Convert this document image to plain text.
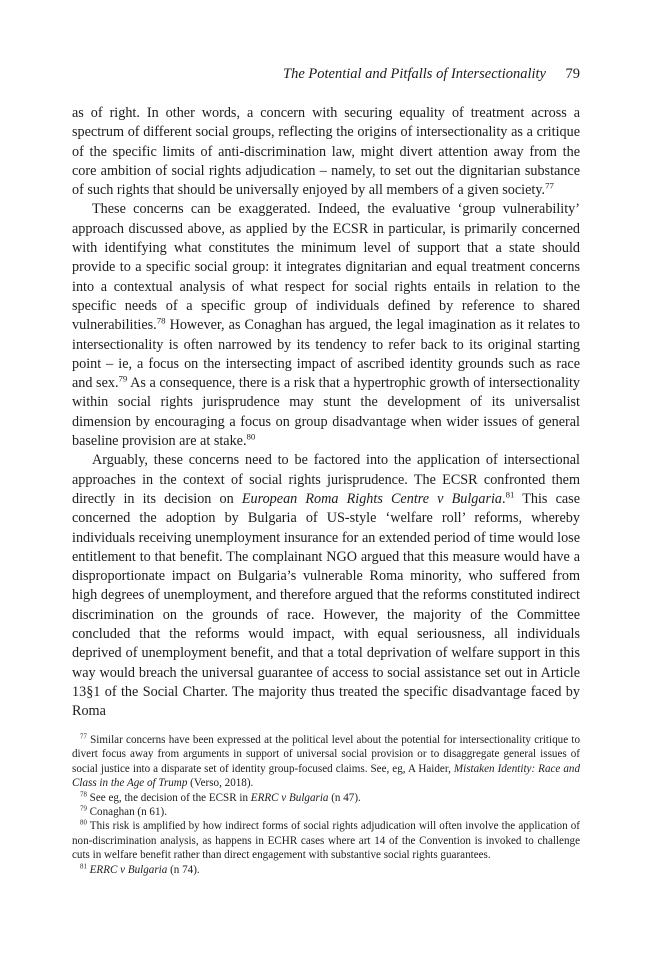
The Potential and Pitfalls of Intersectionality 79

as of right. In other words, a concern with securing equality of treatment across a spectrum of different social groups, reflecting the origins of intersectionality as a critique of the specific limits of anti-discrimination law, might divert attention away from the core ambition of social rights adjudication – namely, to set out the dignitarian substance of such rights that should be universally enjoyed by all members of a given society.$^{77}$

These concerns can be exaggerated. Indeed, the evaluative ‘group vulnerability’ approach discussed above, as applied by the ECSR in particular, is primarily concerned with identifying what constitutes the minimum level of support that a state should provide to a specific social group: it integrates dignitarian and equal treatment concerns into a contextual analysis of what respect for social rights entails in relation to the specific needs of a specific group of individuals defined by reference to shared vulnerabilities.$^{78}$ However, as Conaghan has argued, the legal imagination as it relates to intersectionality is often narrowed by its tendency to refer back to its original starting point – ie, a focus on the intersecting impact of ascribed identity grounds such as race and sex.$^{79}$ As a consequence, there is a risk that a hypertrophic growth of intersectionality within social rights jurisprudence may stunt the development of its universalist dimension by encouraging a focus on group disadvantage when wider issues of general baseline provision are at stake.$^{80}$

Arguably, these concerns need to be factored into the application of intersectional approaches in the context of social rights jurisprudence. The ECSR confronted them directly in its decision on European Roma Rights Centre v Bulgaria.$^{81}$ This case concerned the adoption by Bulgaria of US-style ‘welfare roll’ reforms, whereby individuals receiving unemployment insurance for an extended period of time would lose entitlement to that benefit. The complainant NGO argued that this measure would have a disproportionate impact on Bulgaria’s vulnerable Roma minority, who suffered from high degrees of unemployment, and therefore argued that the reforms constituted indirect discrimination on the grounds of race. However, the majority of the Committee concluded that the reforms would impact, with equal seriousness, all individuals deprived of unemployment benefit, and that a total deprivation of welfare support in this way would breach the universal guarantee of access to social assistance set out in Article 13§1 of the Social Charter. The majority thus treated the specific disadvantage faced by Roma

$^{77}$ Similar concerns have been expressed at the political level about the potential for intersectionality critique to divert focus away from arguments in support of universal social provision or to disaggregate general issues of social justice into a disparate set of identity group-focused claims. See, eg, A Haider, Mistaken Identity: Race and Class in the Age of Trump (Verso, 2018).

$^{78}$ See eg, the decision of the ECSR in ERRC v Bulgaria (n 47).

$^{79}$ Conaghan (n 61).

$^{80}$ This risk is amplified by how indirect forms of social rights adjudication will often involve the application of non-discrimination analysis, as happens in ECHR cases where art 14 of the Convention is invoked to challenge cuts in welfare benefit rather than direct engagement with substantive social rights guarantees.

$^{81}$ ERRC v Bulgaria (n 74).
